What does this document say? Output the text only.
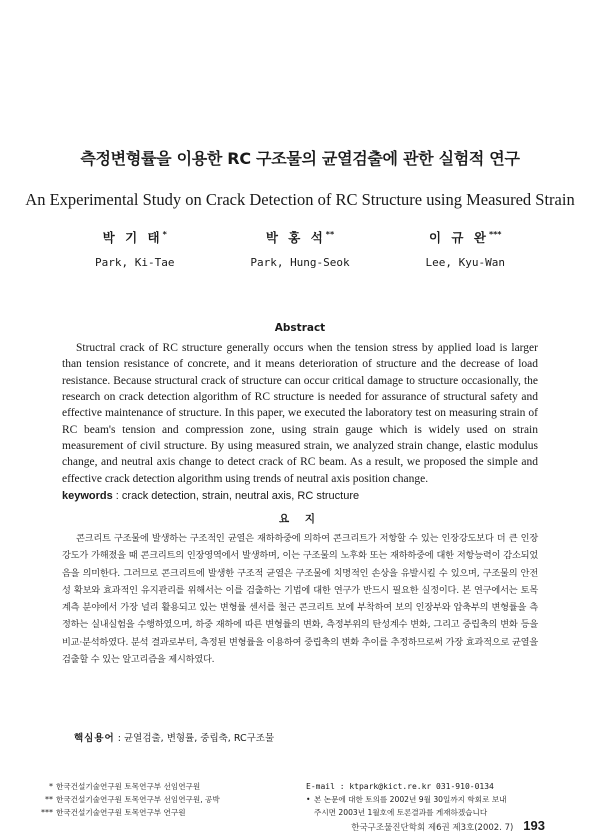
측정변형률을 이용한 RC 구조물의 균열검출에 관한 실험적 연구
An Experimental Study on Crack Detection of RC Structure using Measured Strain
박 기 태*
Park, Ki-Tae
박 홍 석**
Park, Hung-Seok
이 규 완***
Lee, Kyu-Wan
Abstract

Structral crack of RC structure generally occurs when the tension stress by applied load is larger than tension resistance of concrete, and it means deterioration of structure and the decrease of load resistance. Because structural crack of structure can occur critical damage to structure occasionally, the research on crack detection algorithm of RC structure is needed for assurance of structural safety and effective maintenance of structure. In this paper, we executed the laboratory test on measuring strain of RC beam's tension and compression zone, using strain gauge which is widely used on strain measurement of civil structure. By using measured strain, we analyzed strain change, elastic modulus change, and neutral axis change to detect crack of RC beam. As a result, we proposed the simple and effective crack detection algorithm using trends of neutral axis position change.

keywords : crack detection, strain, neutral axis, RC structure
요 지

콘크리트 구조물에 발생하는 구조적인 균열은 재하하중에 의하여 콘크리트가 저항할 수 있는 인장강도보다 더 큰 인장강도가 가해졌을 때 콘크리트의 인장영역에서 발생하며, 이는 구조물의 노후화 또는 재하하중에 대한 저항능력이 감소되었음을 의미한다. 그러므로 콘크리트에 발생한 구조적 균열은 구조물에 치명적인 손상을 유발시킬 수 있으며, 구조물의 안전성 확보와 효과적인 유지관리를 위해서는 이를 검출하는 기법에 대한 연구가 반드시 필요한 실정이다. 본 연구에서는 토목계측 분야에서 가장 널리 활용되고 있는 변형률 센서를 철근 콘크리트 보에 부착하여 보의 인장부와 압축부의 변형률을 측정하는 실내실험을 수행하였으며, 하중 재하에 따른 변형률의 변화, 측정부위의 탄성계수 변화, 그리고 중립축의 변화 등을 비교·분석하였다. 분석 결과로부터, 측정된 변형률을 이용하여 중립축의 변화 추이를 추정하므로써 가장 효과적으로 균열을 검출할 수 있는 알고리즘을 제시하였다.

핵심용어 : 균열검출, 변형률, 중립축, RC구조물
* 한국건설기술연구원 토목연구부 선임연구원
** 한국건설기술연구원 토목연구부 선임연구원, 공박
*** 한국건설기술연구원 토목연구부 연구원
E-mail : ktpark@kict.re.kr 031-910-0134
• 본 논문에 대한 토의를 2002년 9월 30일까지 학회로 보내
주시면 2003년 1월호에 토론결과를 게재하겠습니다
한국구조물진단학회 제6권 제3호(2002. 7) 193
